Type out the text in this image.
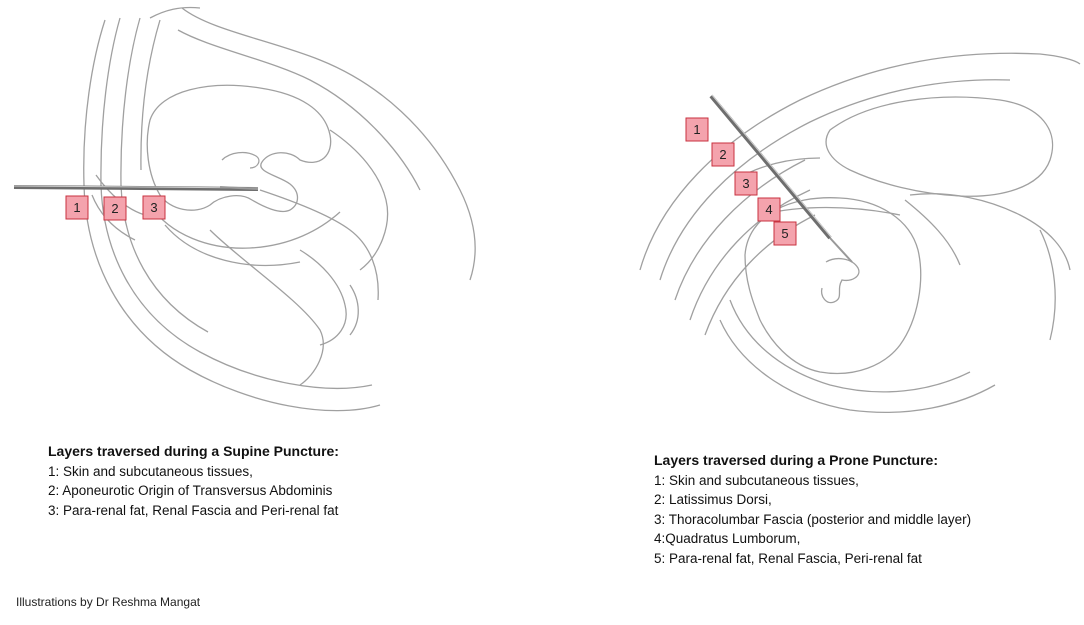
1 2 3
1
2
3
4
5
Layers traversed during a Supine Puncture:
1: Skin and subcutaneous tissues,
2: Aponeurotic Origin of Transversus Abdominis
3: Para-renal fat, Renal Fascia and Peri-renal fat
Layers traversed during a Prone Puncture:
1: Skin and subcutaneous tissues,
2: Latissimus Dorsi,
3: Thoracolumbar Fascia (posterior and middle layer)
4:Quadratus Lumborum,
5: Para-renal fat, Renal Fascia, Peri-renal fat
Illustrations by Dr Reshma Mangat
